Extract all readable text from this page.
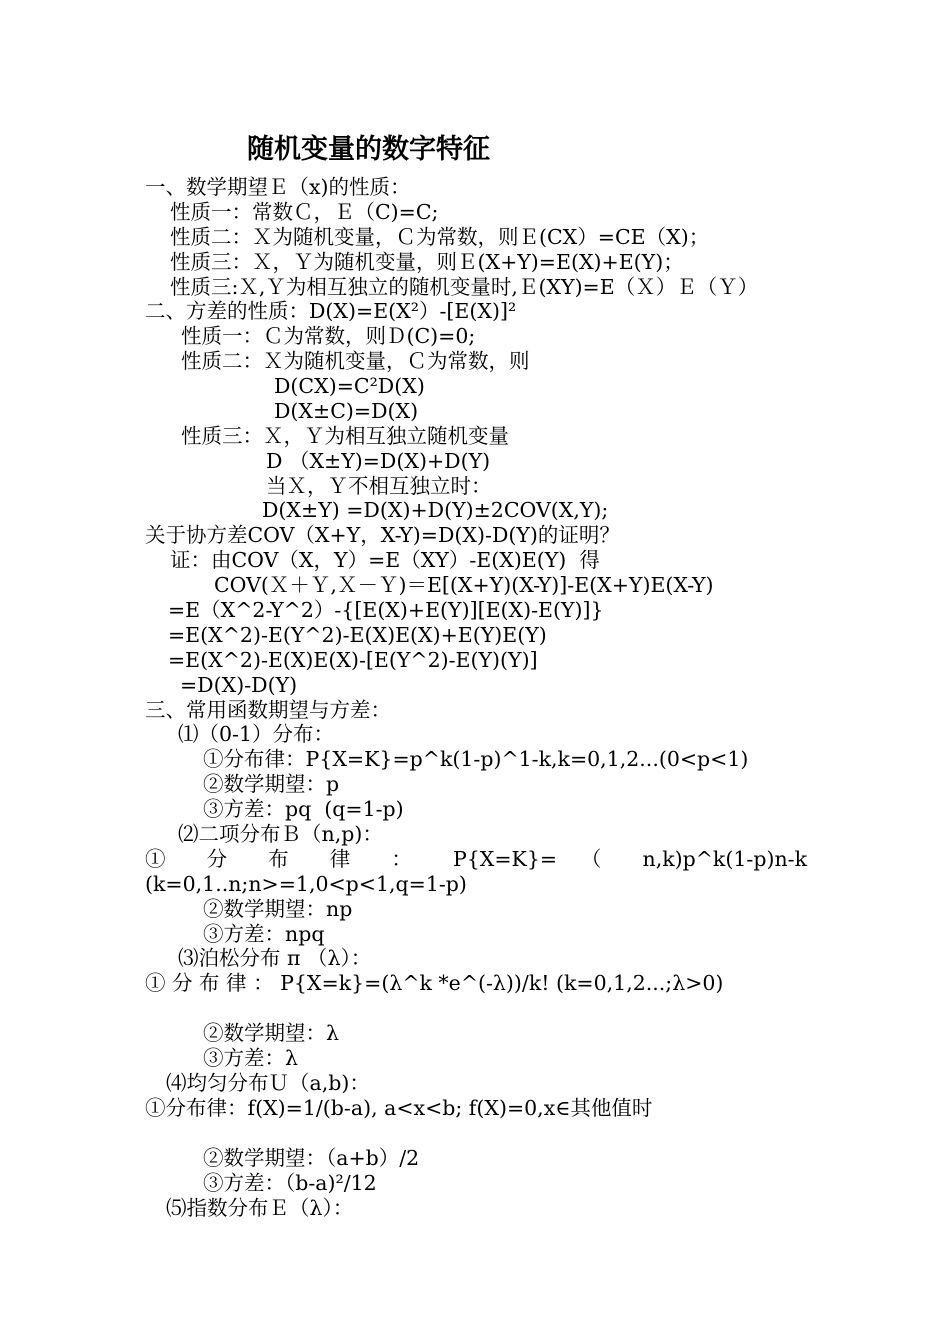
随机变量的数字特征
一、数学期望Ｅ（x)的性质：
性质一：常数Ｃ，Ｅ（C)=C;
性质二：Ｘ为随机变量，Ｃ为常数，则Ｅ(CX）=CE（X)；
性质三：Ｘ，Ｙ为随机变量，则Ｅ(X+Y)=E(X)+E(Y)；
性质三:Ｘ,Ｙ为相互独立的随机变量时,Ｅ(XY)=E（Ｘ）Ｅ（Ｙ）
二、方差的性质：D(X)=E(X²）-[E(X)]²
性质一：Ｃ为常数，则Ｄ(C)=0;
性质二：Ｘ为随机变量，Ｃ为常数，则
D(CX)=C²D(X)
D(X±C)=D(X)
性质三：Ｘ，Ｙ为相互独立随机变量
D （X±Y)=D(X)+D(Y)
当Ｘ，Ｙ不相互独立时：
D(X±Y) =D(X)+D(Y)±2COV(X,Y);
关于协方差COV（X+Y，X-Y)=D(X)-D(Y)的证明？
证：由COV（X，Y）=E（XY）-E(X)E(Y)  得
COV(Ｘ＋Ｙ,Ｘ－Ｙ)＝E[(X+Y)(X-Y)]-E(X+Y)E(X-Y)
=E（X^2-Y^2）-{[E(X)+E(Y)][E(X)-E(Y)]}
=E(X^2)-E(Y^2)-E(X)E(X)+E(Y)E(Y)
=E(X^2)-E(X)E(X)-[E(Y^2)-E(Y)(Y)]
=D(X)-D(Y)
三、常用函数期望与方差：
⑴（0-1）分布：
①分布律：P{X=K}=p^k(1-p)^1-k,k=0,1,2...(0<p<1)
②数学期望：p
③方差：pq  (q=1-p)
⑵二项分布Ｂ（n,p)：
① 分 布 律 ： P{X=K}= （ n,k)p^k(1-p)n-k (k=0,1..n;n>=1,0<p<1,q=1-p)
②数学期望：np
③方差：npq
⑶泊松分布 π （λ）：
① 分 布 律 ： P{X=k}=(λ^k *e^(-λ))/k! (k=0,1,2...;λ>0)
②数学期望：λ
③方差：λ
⑷均匀分布Ｕ（a,b)：
①分布律：f(X)=1/(b-a), a<x<b; f(X)=0,x∈其他值时
②数学期望：（a+b）/2
③方差：（b-a)²/12
⑸指数分布Ｅ（λ）：
